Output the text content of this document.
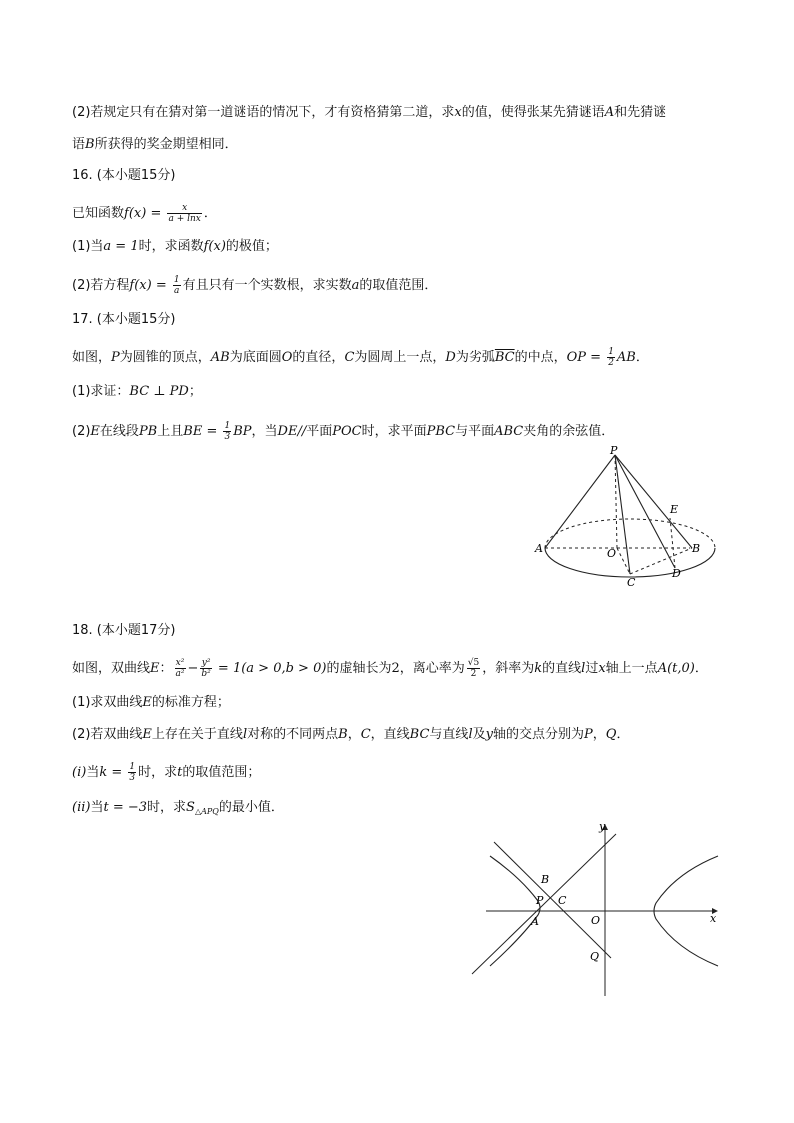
(2)若规定只有在猜对第一道谜语的情况下，才有资格猜第二道，求x的值，使得张某先猜谜语A和先猜谜
语B所获得的奖金期望相同．
16. (本小题15分)
已知函数$f(x) = \frac{x}{a + \ln x}$ ．
(1)当a = 1时，求函数f(x)的极值；
(2)若方程$f(x) = \frac{1}{a}$ 有且只有一个实数根，求实数a的取值范围．
17. (本小题15分)
如图，P为圆锥的顶点，AB为底面圆O的直径，C为圆周上一点，D为劣弧$\overline{BC}$的中点，OP = $\frac{1}{2}$ AB．
(1)求证：BC ⊥ PD；
(2)E在线段PB上且BE = $\frac{1}{3}$ BP，当DE//平面POC时，求平面PBC与平面ABC夹角的余弦值．
P
E
A	O	B
C
D
18. (本小题17分)
如图，双曲线E： $\frac{\text{x²}}{\text{a²}} - \frac{\text{y²}}{\text{b²}} = 1(a > 0,b > 0)$的虚轴长为2，离心率为 $\frac{√5}{2}$ ，斜率为k的直线l过x轴上一点A(t,0)．
(1)求双曲线E的标准方程；
(2)若双曲线E上存在关于直线l对称的不同两点B，C，直线BC与直线l及y轴的交点分别为P，Q．
(i)当$k = \frac{1}{3}$ 时，求t的取值范围；
(ii)当t = −3时，求$S_{\triangle APQ}$的最小值．
y
B
P C
A	O	x
Q
